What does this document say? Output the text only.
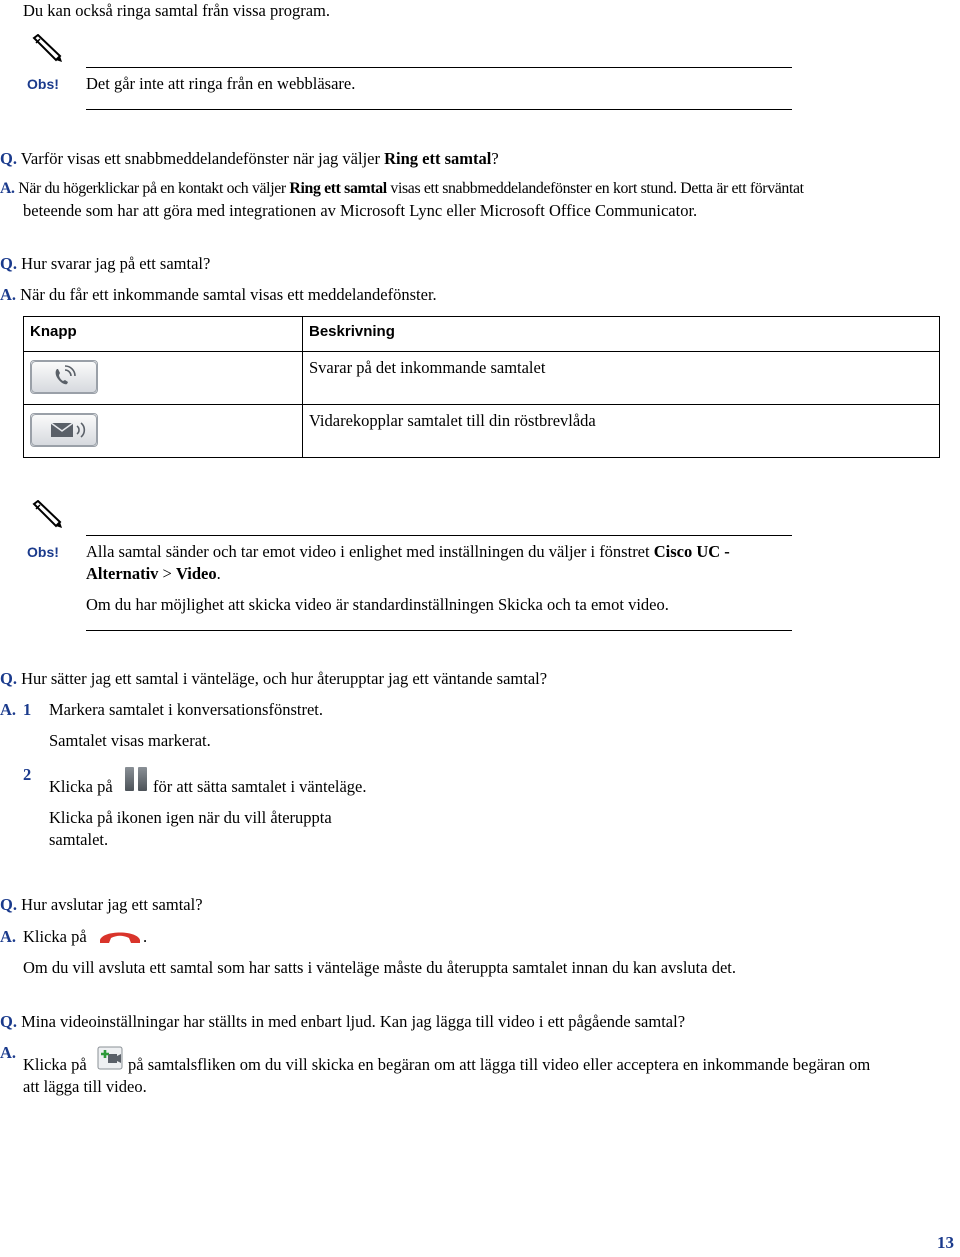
Du kan också ringa samtal från vissa program.
Obs! Det går inte att ringa från en webbläsare.
Q. Varför visas ett snabbmeddelandefönster när jag väljer Ring ett samtal?
A. När du högerklickar på en kontakt och väljer Ring ett samtal visas ett snabbmeddelandefönster en kort stund. Detta är ett förväntat
beteende som har att göra med integrationen av Microsoft Lync eller Microsoft Office Communicator.
Q. Hur svarar jag på ett samtal?
A. När du får ett inkommande samtal visas ett meddelandefönster.
Knapp	Beskrivning

	Svarar på det inkommande samtalet

	Vidarekopplar samtalet till din röstbrevlåda
Obs! Alla samtal sänder och tar emot video i enlighet med inställningen du väljer i fönstret Cisco UC -
Alternativ > Video.
Om du har möjlighet att skicka video är standardinställningen Skicka och ta emot video.
Q. Hur sätter jag ett samtal i vänteläge, och hur återupptar jag ett väntande samtal?
A. 1 Markera samtalet i konversationsfönstret.
Samtalet visas markerat.
2
Klicka på för att sätta samtalet i vänteläge.
Klicka på ikonen igen när du vill återuppta
samtalet.
Q. Hur avslutar jag ett samtal?
A. Klicka på	.
Om du vill avsluta ett samtal som har satts i vänteläge måste du återuppta samtalet innan du kan avsluta det.
Q. Mina videoinställningar har ställts in med enbart ljud. Kan jag lägga till video i ett pågående samtal?
A.
Klicka på	på samtalsfliken om du vill skicka en begäran om att lägga till video eller acceptera en inkommande begäran om
att lägga till video.
13
